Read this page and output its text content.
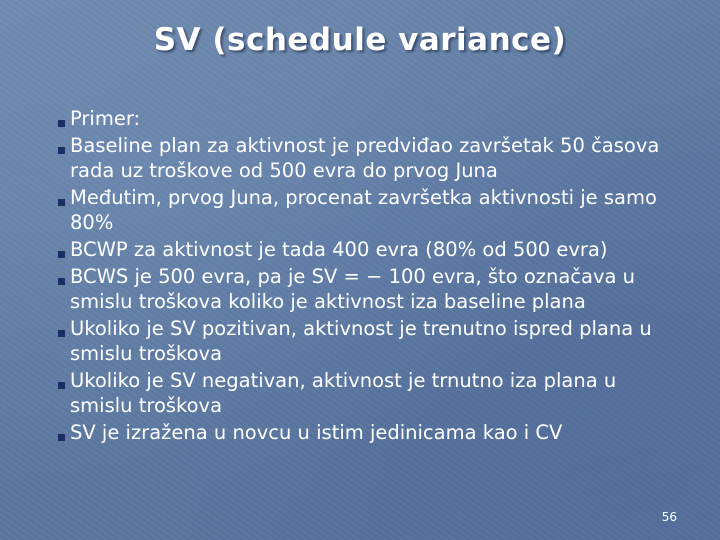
SV (schedule variance)
Primer:
Baseline plan za aktivnost je predviđao završetak 50 časova rada uz troškove od 500 evra do prvog Juna
Međutim, prvog Juna, procenat završetka aktivnosti je samo 80%
BCWP za aktivnost je tada 400 evra (80% od 500 evra)
BCWS je 500 evra, pa je SV = − 100 evra, što označava u smislu troškova koliko je aktivnost iza baseline plana
Ukoliko je SV pozitivan, aktivnost je trenutno ispred plana u smislu troškova
Ukoliko je SV negativan, aktivnost je trnutno iza plana u smislu troškova
SV je izražena u novcu u istim jedinicama kao i CV
56
